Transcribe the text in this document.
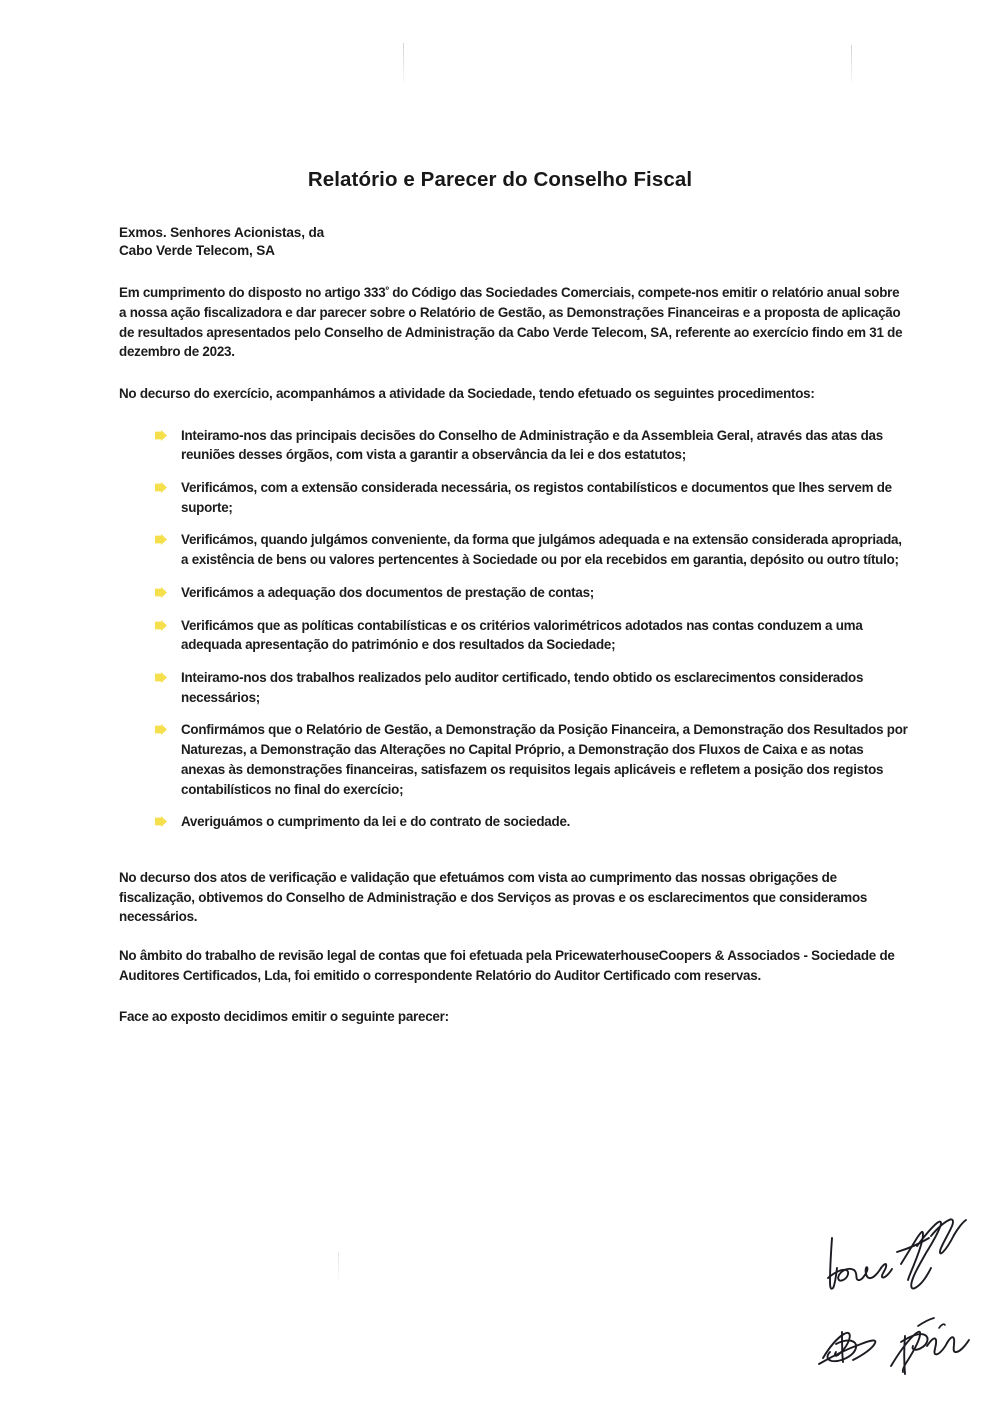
Relatório e Parecer do Conselho Fiscal
Exmos. Senhores Acionistas, da
Cabo Verde Telecom, SA

Em cumprimento do disposto no artigo $333^º$ do Código das Sociedades Comerciais, compete-nos emitir o relatório anual sobre a nossa ação fiscalizadora e dar parecer sobre o Relatório de Gestão, as Demonstrações Financeiras e a proposta de aplicação de resultados apresentados pelo Conselho de Administração da Cabo Verde Telecom, SA, referente ao exercício findo em 31 de dezembro de 2023.

No decurso do exercício, acompanhámos a atividade da Sociedade, tendo efetuado os seguintes procedimentos:

Inteiramo-nos das principais decisões do Conselho de Administração e da Assembleia Geral, através das atas das reuniões desses órgãos, com vista a garantir a observância da lei e dos estatutos;
Verificámos, com a extensão considerada necessária, os registos contabilísticos e documentos que lhes servem de suporte;
Verificámos, quando julgámos conveniente, da forma que julgámos adequada e na extensão considerada apropriada, a existência de bens ou valores pertencentes à Sociedade ou por ela recebidos em garantia, depósito ou outro título;
Verificámos a adequação dos documentos de prestação de contas;
Verificámos que as políticas contabilísticas e os critérios valorimétricos adotados nas contas conduzem a uma adequada apresentação do património e dos resultados da Sociedade;
Inteiramo-nos dos trabalhos realizados pelo auditor certificado, tendo obtido os esclarecimentos considerados necessários;
Confirmámos que o Relatório de Gestão, a Demonstração da Posição Financeira, a Demonstração dos Resultados por Naturezas, a Demonstração das Alterações no Capital Próprio, a Demonstração dos Fluxos de Caixa e as notas anexas às demonstrações financeiras, satisfazem os requisitos legais aplicáveis e refletem a posição dos registos contabilísticos no final do exercício;
Averiguámos o cumprimento da lei e do contrato de sociedade.

No decurso dos atos de verificação e validação que efetuámos com vista ao cumprimento das nossas obrigações de fiscalização, obtivemos do Conselho de Administração e dos Serviços as provas e os esclarecimentos que consideramos necessários.

No âmbito do trabalho de revisão legal de contas que foi efetuada pela PricewaterhouseCoopers & Associados - Sociedade de Auditores Certificados, Lda, foi emitido o correspondente Relatório do Auditor Certificado com reservas.

Face ao exposto decidimos emitir o seguinte parecer:
